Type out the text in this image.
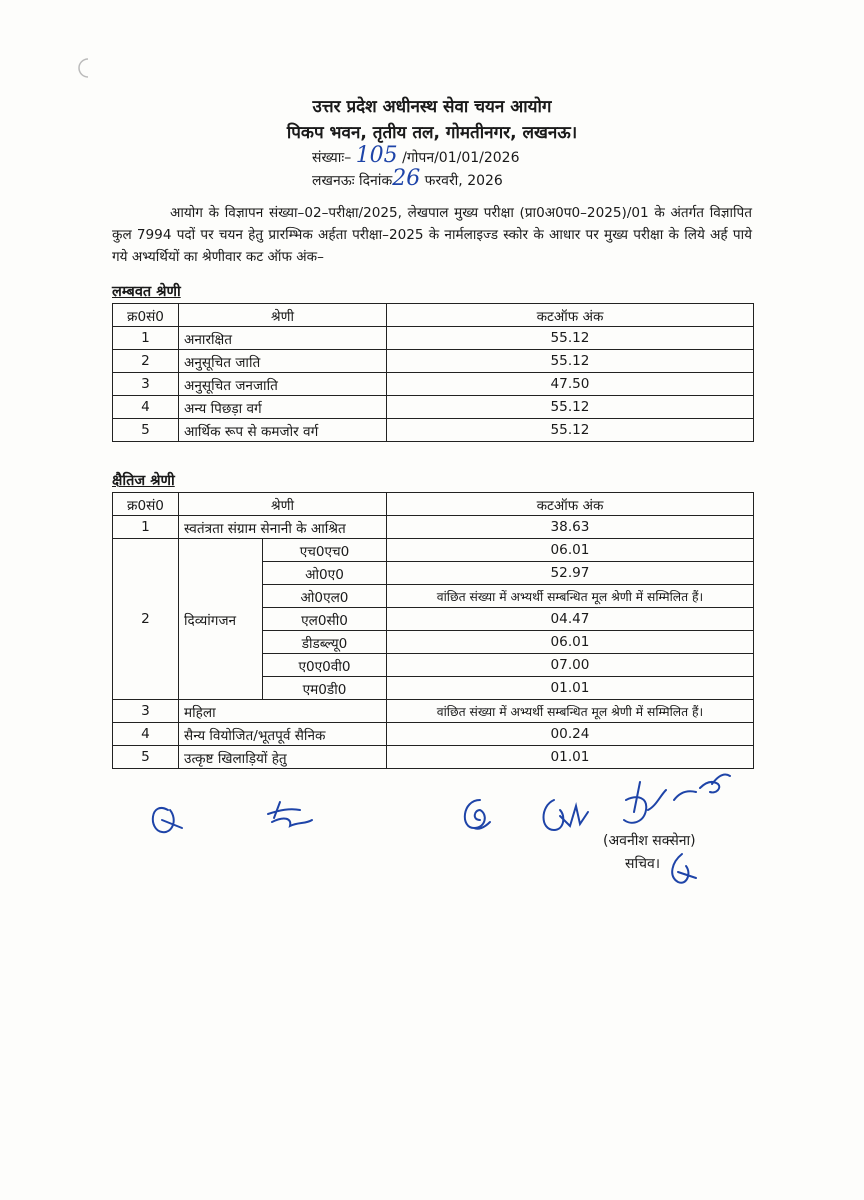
उत्तर प्रदेश अधीनस्थ सेवा चयन आयोग
पिकप भवन, तृतीय तल, गोमतीनगर, लखनऊ।
संख्याः– 105 /गोपन/01/01/2026
लखनऊः दिनांक26 फरवरी, 2026
आयोग के विज्ञापन संख्या–02–परीक्षा/2025, लेखपाल मुख्य परीक्षा (प्रा0अ0प0–2025)/01 के अंतर्गत विज्ञापित कुल 7994 पदों पर चयन हेतु प्रारम्भिक अर्हता परीक्षा–2025 के नार्मलाइज्ड स्कोर के आधार पर मुख्य परीक्षा के लिये अर्ह पाये गये अभ्यर्थियों का श्रेणीवार कट ऑफ अंक–
लम्बवत श्रेणी
क्र0सं0	श्रेणी	कटऑफ अंक
1	अनारक्षित	55.12
2	अनुसूचित जाति	55.12
3	अनुसूचित जनजाति	47.50
4	अन्य पिछड़ा वर्ग	55.12
5	आर्थिक रूप से कमजोर वर्ग	55.12
क्षैतिज श्रेणी
क्र0सं0	श्रेणी		कटऑफ अंक
1	स्वतंत्रता संग्राम सेनानी के आश्रित		38.63
2	दिव्यांगजन	एच0एच0	06.01
		ओ0ए0	52.97
		ओ0एल0	वांछित संख्या में अभ्यर्थी सम्बन्धित मूल श्रेणी में सम्मिलित हैं।
		एल0सी0	04.47
		डीडब्ल्यू0	06.01
		ए0ए0वी0	07.00
		एम0डी0	01.01
3	महिला		वांछित संख्या में अभ्यर्थी सम्बन्धित मूल श्रेणी में सम्मिलित हैं।
4	सैन्य वियोजित/भूतपूर्व सैनिक		00.24
5	उत्कृष्ट खिलाड़ियों हेतु		01.01
(अवनीश सक्सेना)
सचिव।
